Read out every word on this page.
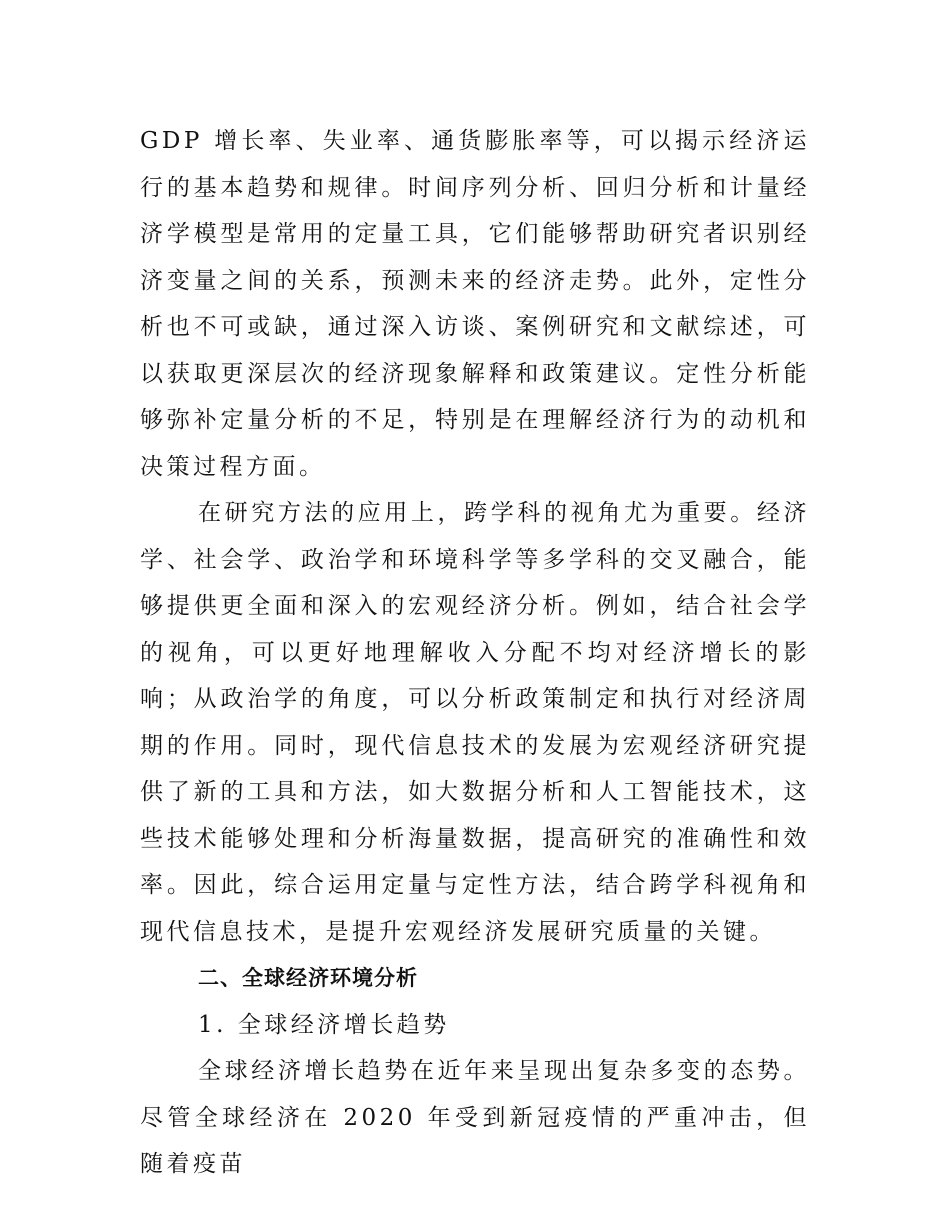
GDP 增长率、失业率、通货膨胀率等，可以揭示经济运行的基本趋势和规律。时间序列分析、回归分析和计量经济学模型是常用的定量工具，它们能够帮助研究者识别经济变量之间的关系，预测未来的经济走势。此外，定性分析也不可或缺，通过深入访谈、案例研究和文献综述，可以获取更深层次的经济现象解释和政策建议。定性分析能够弥补定量分析的不足，特别是在理解经济行为的动机和决策过程方面。

在研究方法的应用上，跨学科的视角尤为重要。经济学、社会学、政治学和环境科学等多学科的交叉融合，能够提供更全面和深入的宏观经济分析。例如，结合社会学的视角，可以更好地理解收入分配不均对经济增长的影响；从政治学的角度，可以分析政策制定和执行对经济周期的作用。同时，现代信息技术的发展为宏观经济研究提供了新的工具和方法，如大数据分析和人工智能技术，这些技术能够处理和分析海量数据，提高研究的准确性和效率。因此，综合运用定量与定性方法，结合跨学科视角和现代信息技术，是提升宏观经济发展研究质量的关键。

二、全球经济环境分析

1. 全球经济增长趋势

全球经济增长趋势在近年来呈现出复杂多变的态势。尽管全球经济在 2020 年受到新冠疫情的严重冲击，但随着疫苗
